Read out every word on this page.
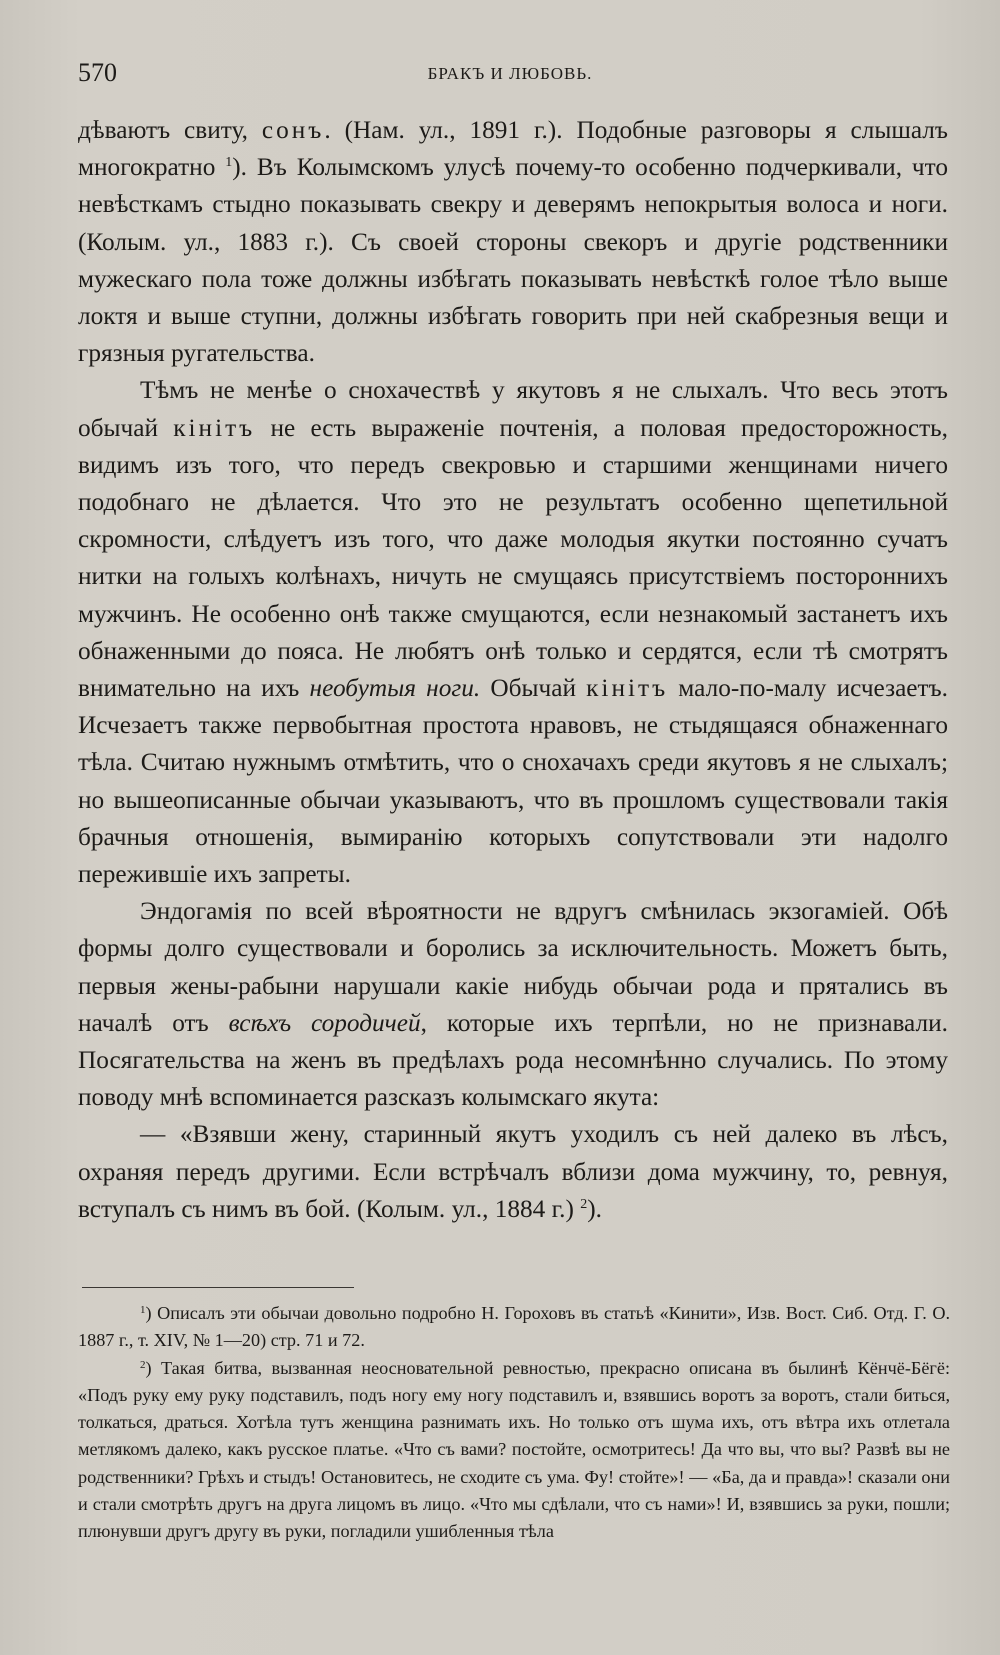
570	БРАКЪ И ЛЮБОВЬ.

дѣваютъ свиту, сонъ. (Нам. ул., 1891 г.). Подобные разговоры я слышалъ многократно $^1$). Въ Колымскомъ улусѣ почему-то особенно подчеркивали, что невѣсткамъ стыдно показывать свекру и деверямъ непокрытыя волоса и ноги. (Колым. ул., 1883 г.). Съ своей стороны свекоръ и другіе родственники мужескаго пола тоже должны избѣгать показывать невѣсткѣ голое тѣло выше локтя и выше ступни, должны избѣгать говорить при ней скабрезныя вещи и грязныя ругательства.

Тѣмъ не менѣе о снохачествѣ у якутовъ я не слыхалъ. Что весь этотъ обычай кінітъ не есть выраженіе почтенія, а половая предосторожность, видимъ изъ того, что передъ свекровью и старшими женщинами ничего подобнаго не дѣлается. Что это не результатъ особенно щепетильной скромности, слѣдуетъ изъ того, что даже молодыя якутки постоянно сучатъ нитки на голыхъ колѣнахъ, ничуть не смущаясь присутствіемъ постороннихъ мужчинъ. Не особенно онѣ также смущаются, если незнакомый застанетъ ихъ обнаженными до пояса. Не любятъ онѣ только и сердятся, если тѣ смотрятъ внимательно на ихъ необутыя ноги. Обычай кінітъ мало-по-малу исчезаетъ. Исчезаетъ также первобытная простота нравовъ, не стыдящаяся обнаженнаго тѣла. Считаю нужнымъ отмѣтить, что о снохачахъ среди якутовъ я не слыхалъ; но вышеописанные обычаи указываютъ, что въ прошломъ существовали такія брачныя отношенія, вымиранію которыхъ сопутствовали эти надолго пережившіе ихъ запреты.

Эндогамія по всей вѣроятности не вдругъ смѣнилась экзогаміей. Обѣ формы долго существовали и боролись за исключительность. Можетъ быть, первыя жены-рабыни нарушали какіе нибудь обычаи рода и прятались въ началѣ отъ всѣхъ сородичей, которые ихъ терпѣли, но не признавали. Посягательства на женъ въ предѣлахъ рода несомнѣнно случались. По этому поводу мнѣ вспоминается разсказъ колымскаго якута:

— «Взявши жену, старинный якутъ уходилъ съ ней далеко въ лѣсъ, охраняя передъ другими. Если встрѣчалъ вблизи дома мужчину, то, ревнуя, вступалъ съ нимъ въ бой. (Колым. ул., 1884 г.) $^2$).

$^1$) Описалъ эти обычаи довольно подробно Н. Гороховъ въ статьѣ «Кинити», Изв. Вост. Сиб. Отд. Г. О. 1887 г., т. XIV, № 1—20) стр. 71 и 72.

$^2$) Такая битва, вызванная неосновательной ревностью, прекрасно описана въ былинѣ Кёнчё-Бёгё: «Подъ руку ему руку подставилъ, подъ ногу ему ногу подставилъ и, взявшись воротъ за воротъ, стали биться, толкаться, драться. Хотѣла тутъ женщина разнимать ихъ. Но только отъ шума ихъ, отъ вѣтра ихъ отлетала метлякомъ далеко, какъ русское платье. «Что съ вами? постойте, осмотритесь! Да что вы, что вы? Развѣ вы не родственники? Грѣхъ и стыдъ! Остановитесь, не сходите съ ума. Фу! стойте»! — «Ба, да и правда»! сказали они и стали смотрѣть другъ на друга лицомъ въ лицо. «Что мы сдѣлали, что съ нами»! И, взявшись за руки, пошли; плюнувши другъ другу въ руки, погладили ушибленныя тѣла
